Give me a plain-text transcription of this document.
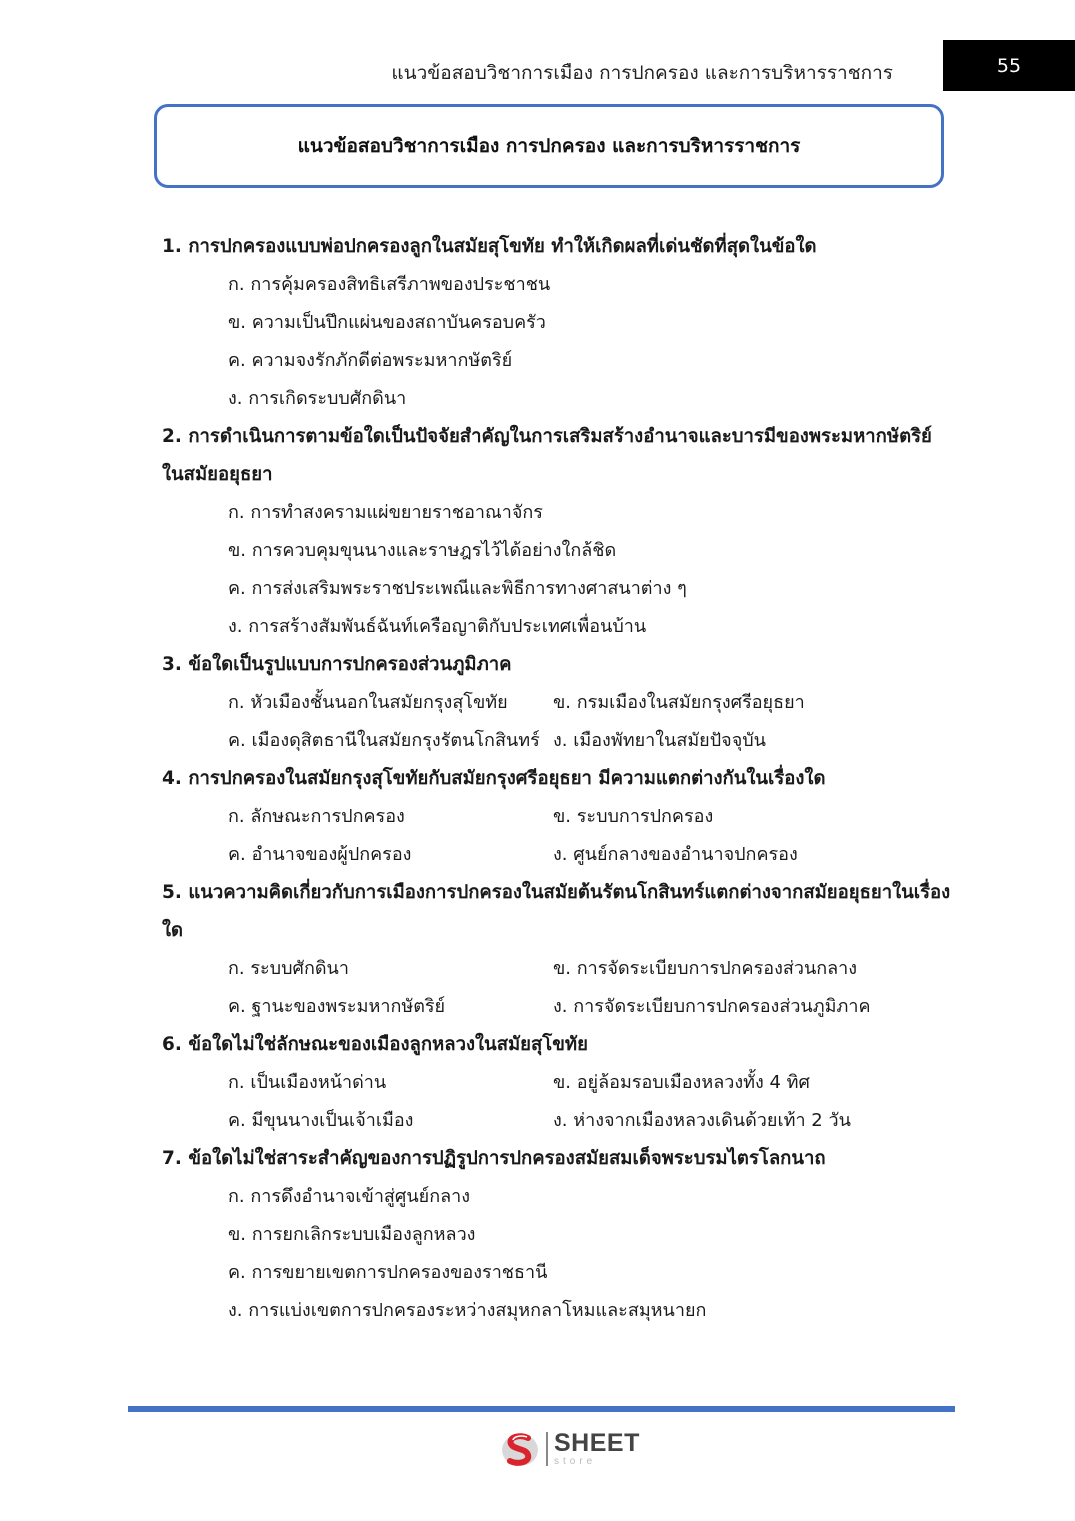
แนวข้อสอบวิชาการเมือง การปกครอง และการบริหารราชการ	55
แนวข้อสอบวิชาการเมือง การปกครอง และการบริหารราชการ
1. การปกครองแบบพ่อปกครองลูกในสมัยสุโขทัย ทำให้เกิดผลที่เด่นชัดที่สุดในข้อใด
ก. การคุ้มครองสิทธิเสรีภาพของประชาชน
ข. ความเป็นปึกแผ่นของสถาบันครอบครัว
ค. ความจงรักภักดีต่อพระมหากษัตริย์
ง. การเกิดระบบศักดินา
2. การดำเนินการตามข้อใดเป็นปัจจัยสำคัญในการเสริมสร้างอำนาจและบารมีของพระมหากษัตริย์ในสมัยอยุธยา
ก. การทำสงครามแผ่ขยายราชอาณาจักร
ข. การควบคุมขุนนางและราษฎรไว้ได้อย่างใกล้ชิด
ค. การส่งเสริมพระราชประเพณีและพิธีการทางศาสนาต่าง ๆ
ง. การสร้างสัมพันธ์ฉันท์เครือญาติกับประเทศเพื่อนบ้าน
3. ข้อใดเป็นรูปแบบการปกครองส่วนภูมิภาค
ก. หัวเมืองชั้นนอกในสมัยกรุงสุโขทัย	ข. กรมเมืองในสมัยกรุงศรีอยุธยา
ค. เมืองดุสิตธานีในสมัยกรุงรัตนโกสินทร์ ง. เมืองพัทยาในสมัยปัจจุบัน
4. การปกครองในสมัยกรุงสุโขทัยกับสมัยกรุงศรีอยุธยา มีความแตกต่างกันในเรื่องใด
ก. ลักษณะการปกครอง	ข. ระบบการปกครอง
ค. อำนาจของผู้ปกครอง	ง. ศูนย์กลางของอำนาจปกครอง
5. แนวความคิดเกี่ยวกับการเมืองการปกครองในสมัยต้นรัตนโกสินทร์แตกต่างจากสมัยอยุธยาในเรื่องใด
ก. ระบบศักดินา	ข. การจัดระเบียบการปกครองส่วนกลาง
ค. ฐานะของพระมหากษัตริย์	ง. การจัดระเบียบการปกครองส่วนภูมิภาค
6. ข้อใดไม่ใช่ลักษณะของเมืองลูกหลวงในสมัยสุโขทัย
ก. เป็นเมืองหน้าด่าน	ข. อยู่ล้อมรอบเมืองหลวงทั้ง 4 ทิศ
ค. มีขุนนางเป็นเจ้าเมือง	ง. ห่างจากเมืองหลวงเดินด้วยเท้า 2 วัน
7. ข้อใดไม่ใช่สาระสำคัญของการปฏิรูปการปกครองสมัยสมเด็จพระบรมไตรโลกนาถ
ก. การดึงอำนาจเข้าสู่ศูนย์กลาง
ข. การยกเลิกระบบเมืองลูกหลวง
ค. การขยายเขตการปกครองของราชธานี
ง. การแบ่งเขตการปกครองระหว่างสมุหกลาโหมและสมุหนายก
SHEET
store
